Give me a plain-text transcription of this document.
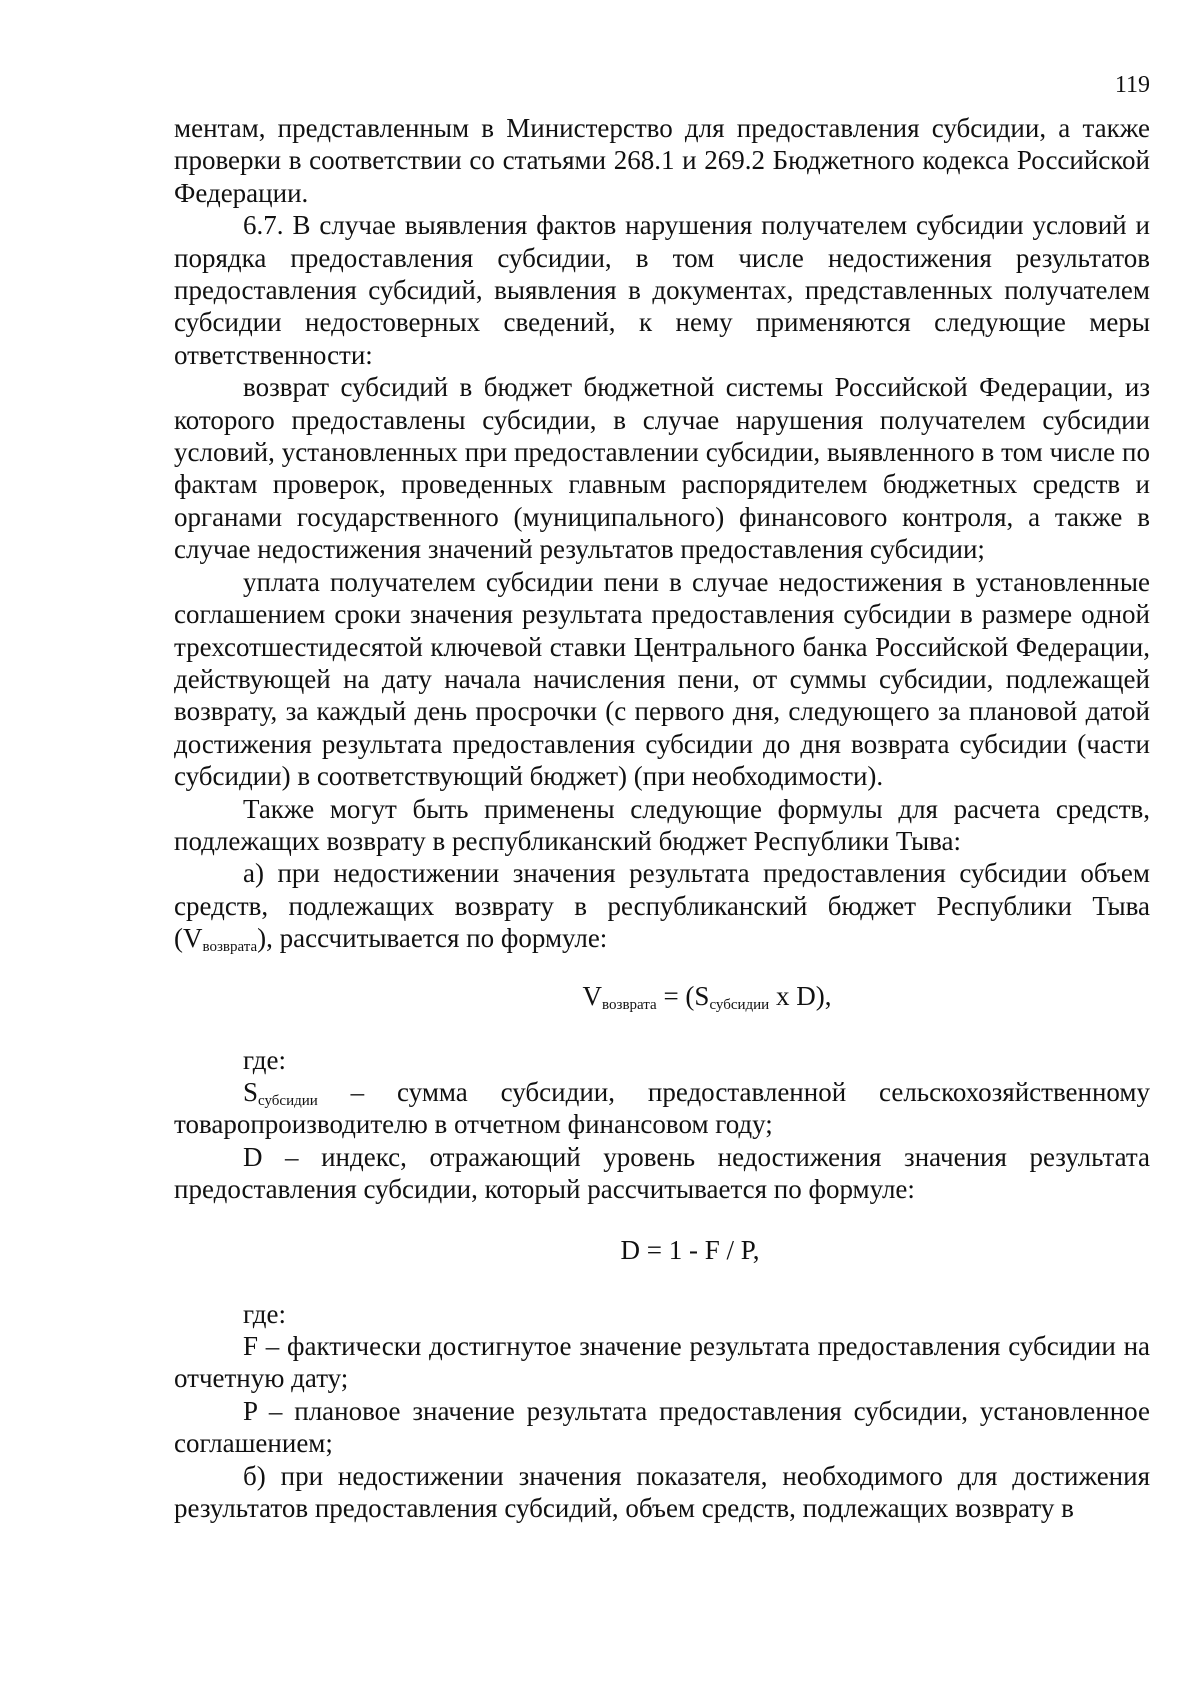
119

ментам, представленным в Министерство для предоставления субсидии, а также проверки в соответствии со статьями 268.1 и 269.2 Бюджетного кодекса Российской Федерации.

6.7. В случае выявления фактов нарушения получателем субсидии условий и порядка предоставления субсидии, в том числе недостижения результатов предоставления субсидий, выявления в документах, представленных получателем субсидии недостоверных сведений, к нему применяются следующие меры ответственности:

возврат субсидий в бюджет бюджетной системы Российской Федерации, из которого предоставлены субсидии, в случае нарушения получателем субсидии условий, установленных при предоставлении субсидии, выявленного в том числе по фактам проверок, проведенных главным распорядителем бюджетных средств и органами государственного (муниципального) финансового контроля, а также в случае недостижения значений результатов предоставления субсидии;

уплата получателем субсидии пени в случае недостижения в установленные соглашением сроки значения результата предоставления субсидии в размере одной трехсотшестидесятой ключевой ставки Центрального банка Российской Федерации, действующей на дату начала начисления пени, от суммы субсидии, подлежащей возврату, за каждый день просрочки (с первого дня, следующего за плановой датой достижения результата предоставления субсидии до дня возврата субсидии (части субсидии) в соответствующий бюджет) (при необходимости).

Также могут быть применены следующие формулы для расчета средств, подлежащих возврату в республиканский бюджет Республики Тыва:

а) при недостижении значения результата предоставления субсидии объем средств, подлежащих возврату в республиканский бюджет Республики Тыва $(V_{возврата})$, рассчитывается по формуле:

$V_{возврата} = (S_{субсидии}$ x D),

где:

$S_{субсидии}$ – сумма субсидии, предоставленной сельскохозяйственному товаропроизводителю в отчетном финансовом году;

D – индекс, отражающий уровень недостижения значения результата предоставления субсидии, который рассчитывается по формуле:

D = 1 - F / P,

где:

F – фактически достигнутое значение результата предоставления субсидии на отчетную дату;

P – плановое значение результата предоставления субсидии, установленное соглашением;

б) при недостижении значения показателя, необходимого для достижения результатов предоставления субсидий, объем средств, подлежащих возврату в
